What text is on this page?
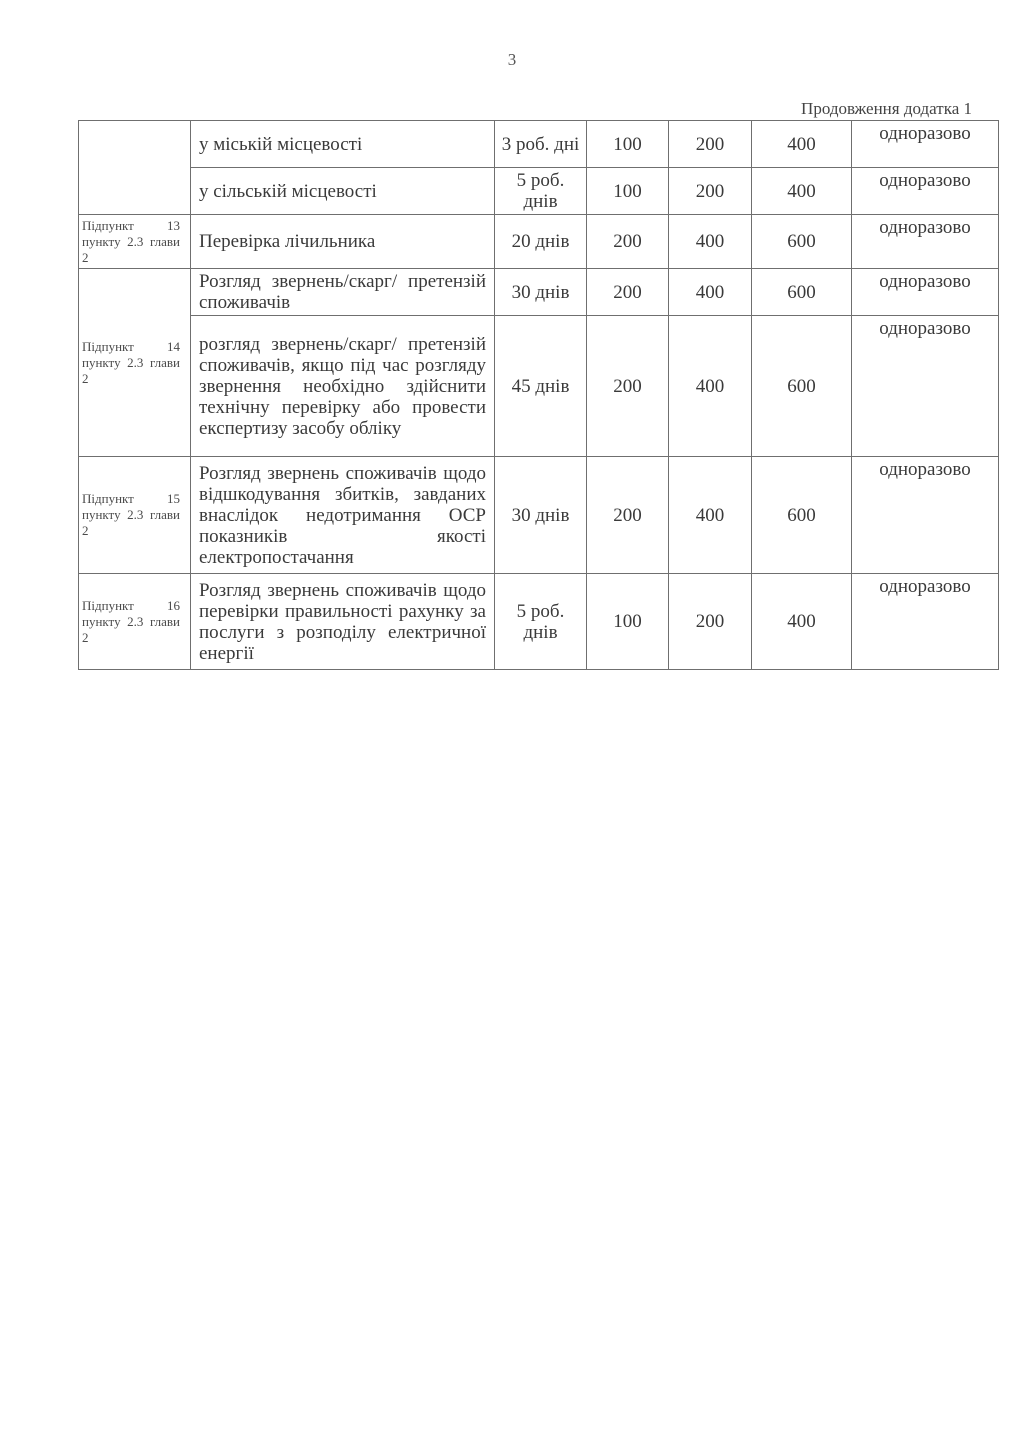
3
Продовження додатка 1
	у міській місцевості	3 роб. дні	100	200	400	одноразово
	у сільській місцевості	5 роб. днів	100	200	400	одноразово
Підпункт 13 пункту 2.3 глави 2	Перевірка лічильника	20 днів	200	400	600	одноразово
Підпункт 14 пункту 2.3 глави 2	Розгляд звернень/скарг/ претензій споживачів	30 днів	200	400	600	одноразово
	розгляд звернень/скарг/ претензій споживачів, якщо під час розгляду звернення необхідно здійснити технічну перевірку або провести експертизу засобу обліку	45 днів	200	400	600	одноразово
Підпункт 15 пункту 2.3 глави 2	Розгляд звернень споживачів щодо відшкодування збитків, завданих внаслідок недотримання ОСР показників якості електропостачання	30 днів	200	400	600	одноразово
Підпункт 16 пункту 2.3 глави 2	Розгляд звернень споживачів щодо перевірки правильності рахунку за послуги з розподілу електричної енергії	5 роб. днів	100	200	400	одноразово
